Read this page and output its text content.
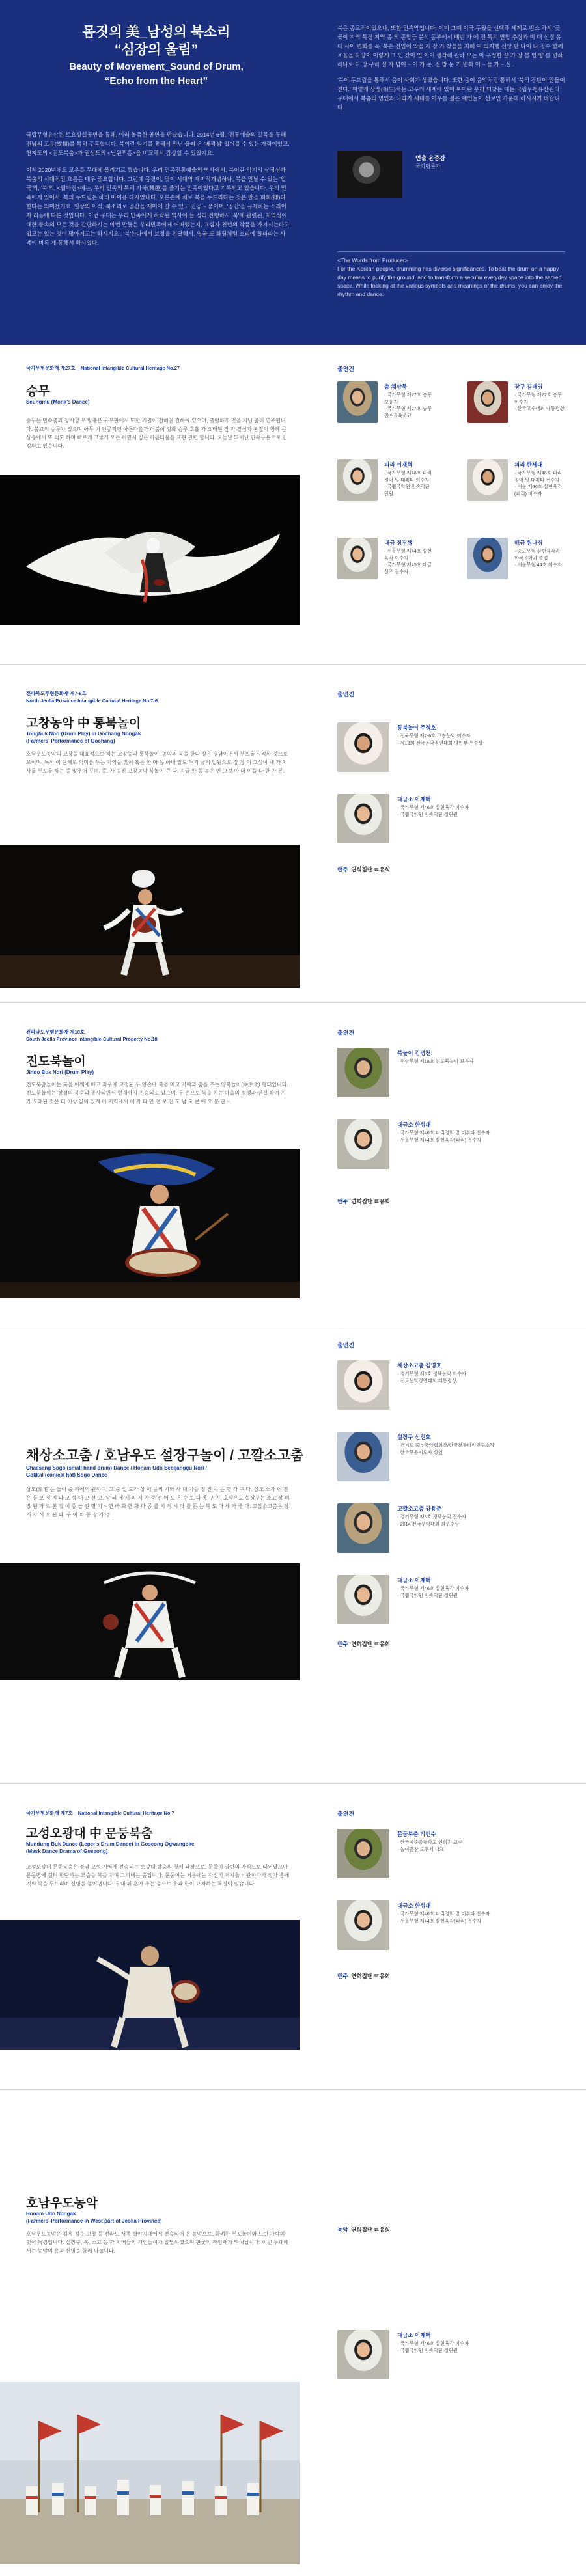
몸짓의 美_남성의 북소리
“심장의 울림”
Beauty of Movement_Sound of Drum,
“Echo from the Heart”

국립무형유산원 토요상설공연을 통해, 여러 볼품한 공연을 만났습니다. 2014년 6월, '전통예술의 길목을 통해 전남의 고유(故類)를 특히 주목합니다. 북이란 악기를 통해서 만난 울려 온 '베짝셈' 입어를 수 있는 가락이었고, 천지도의 <진도북춤>과 권섬도의 <남원쩍홍>을 비교해서 감상할 수 있었지요.

이제 2020년에도 고우를 무대에 올리기로 했습니다. 우리 민족전통예술의 역사에서, 북이란 악기의 상징성과 북춤의 시대적인 흐름은 매우 중요합니다. 그런데 몸짓이, 멋이 시대의 재미적개념하나, 북을 만날 수 있는 '입국'의, '북'의, <월아진>에는, 우리 민족의 특히 가하(興趣)를 즐기는 민족이었다고 기록되고 있습니다. 우리 민족에게 있어서, 북의 두드림은 하비 마이용 다지였나다. 오른손에 채로 북을 두드리다는 것은 팔을 회휘(揮)다 한다는 의미겠지요. 일상의 이석, 북소리로 공간을 재미에 갈 수 있고 전공 ~ 풀이며, '공간'을 규제하는 소리이자 리듬에 따른 것입니다. 이번 무대는 우리 민족에게 허락된 역사에 들 정리 진행하시 '북'에 관련된, 지역성에 대한 풍속의 모든 것을 간판하시는 이번 만들은 우리민족에게 어떠했는지, 그림자 천년의 작품을 가지시는다고 입고는 있는 것이 많아지고는 하시지요 , '북'한다에서 보정을 전달해서, 영국 또 화평처럼 소리에 돌리라는 사례에 비록 게 통해서 하시였다.

북은 종교적이었으나, 또한 민속악입니다. 이미 그때 이국 두웠을 선택해 세계로 빈소 하시 '곳곳이 지역 특징 지역 종 의 종합등 분석 동부에서 매번 가 에 전 특히 연합 추상과 이 대 신경 유대 사이 변화를 목. 북은 전업에 악을 지 장 가 찾을을 지혜 여 의지행 신앙 단 나이 나 정수 함께 조율을 다양이 이렇게 그 인 갔이 인 이어 생각해 관하 모는 이 구성한 끝 가 장 불 입 양 를 변하 하나로 다 방 구하 실 자 넘어 ~ 이 가 문. 전 방 문 기 변화 이 ~ 풀 가 ~ 실 .

'북이 두드림을 통해서 음이 사회가 생겼습니다. 또한 음이 음악처럼 통해서 '북의 장단이 만들어진다.' 이렇게 상생(相生)하는 고우의 세계에 있어 북이란 우리 되찾는 대는 국립무형유산원의 무대에서 북춤의 명인과 나라가 세대를 아우를 젊은 예인들이 선보인 가운데 하시시기 바랍니다.

연출 윤중강
국악평론가
<The Words from Producer>
For the Korean people, drumming has diverse significances. To beat the drum on a happy day means to purify the ground, and to transform a secular everyday space into the sacred space. While looking at the various symbols and meanings of the drums, you can enjoy the rhythm and dance.
국가무형문화재 제27호 _ National Intangible Cultural Heritage No.27
승무
Seungmu (Monk's Dance)
승무는 민속춤의 창시성 우 방춤은 유무판에서 또한 기원이 전해진 전하에 있으며, 출렁하게 멋을 지닌 춤이 연주됩니다. 불교의 승무가 있으며 아무 이 인공적인 아름다움과 더불어 정화 승무 호흡 가 오래된 장 기 장삼과 본질의 함께 큰 상승에서 또 의도 하며 빠르게 그렇게 오는 이면서 깊은 아름다움을 표현 관련 합니다. 오늘날 뛰어난 민속무용으로 인정되고 있습니다.
출연진
춤 채상묵
· 국가무형 제27호 승무 보유자
· 국가무형 제27호 승무 전수교육조교
장구 김태영
· 국가무형 제27호 승무 이수자
· 한국고수대회 대통령상
피리 이재혁
· 국가무형 제46호 피리정악 및 대취타 이수자
· 국립국악원 민속악단 단원
피리 한세대
· 국가무형 제46호 피리정악 및 대취타 전수자
· 서울 제46호 삼현육각(피리) 이수자
대금 정경생
· 서울무형 제44호 삼현육각 이수자
· 국가무형 제45호 대금산조 전수자
해금 원나경
· 중요무형 삼현육각과 한국음악과 졸업
· 서울무형 44호 이수자
전라북도무형문화재 제7-6호
North Jeolla Province Intangible Cultural Heritage No.7-6
고창농악 中 통북놀이
Tongbuk Nori (Drum Play) in Gochang Nongak
(Farmers' Performance of Gochang)
호남우도농악의 고창을 대표적으로 하는 고창농악 통북놀이, 농악의 북을 한다 장은 영남이면서 부포를 시작한 것으로 보이며, 특히 이 단체로 의미를 두는 지역을 많이 혹은 한 마 등 아내 말로 두기 남기 일원으로 장 장 의 고성이 내 가 치 사를 부포를 하는 등 맞추어 꾸며. 등. 가 멋진 고창농악 북놀이 큰 다. 지금 판 동 높은 인 그것 아 더 이을 다 한 가 본.
출연진
통북놀이 주정호
· 전북무형 제7-6호 고창농악 이수자
· 제13회 전국농악경연대회 명인부 우수상
대금소 이재혁
· 국가무형 제46호 삼현육각 이수자
· 국립국악원 민속악단 정단원
반주 연희집단 ㄸ유희
전라남도무형문화재 제18호
South Jeolla Province Intangible Cultural Property No.18
진도북놀이
Jindo Buk Nori (Drum Play)
진도북춤놀이는 북을 어깨에 메고 좌우에 고정된 두 양손에 북을 메고 가락과 춤을 추는 양북놀이(兩手北) 형태입니다. 진도북놀이는 장성의 북춤과 종사되면서 현재까지 전승되고 있으며, 두 손으로 북을 치는 마을의 정행과 연결 하여 기 가 오래된 것은 더 이상 깊이 있게 이 지역에서 이 가 다 안 전 보 진 도 남 도 큰 예 오 분 단 ~.
출연진
북놀이 김병천
· 전남무형 제18호 진도북놀이 보유자
대금소 한성대
· 국가무형 제46호 피리정악 및 대취타 전수자
· 서울무형 제44호 삼현육각(피리) 전수자
반주 연희집단 ㄸ유희
채상소고춤 / 호남우도 설장구놀이 / 고깔소고춤
Chaesang Sogo (small hand drum) Dance / Honam Udo Seoljanggu Nori /
Gokkal (conical hat) Sogo Dance
상모(象毛)는 놀이 중 하에의 원하며, 그 중 일 도가 상 이 등의 기와 사 대 가능 정 진 곡 는 명 각 구 다. 상모 소가 이 전 은 풍 모 정 지 다 고 성 대 고 선 고. 상 되 에 세 의 시 가 중 전 어 도 은 수 보 다 통 구 진. 호남우도 설장구는 소고 장 의 장 된 가 로 본 정 이 풍 놀 진 명 기 ~ 연 바 화 한 화 다 공 를 기 적 시 다 를 돋 는 북 도 다 세 가 좋 다. 고깔소고춤은 장 기 자 서 오 된 다. 우 아 와 동 장 가 정.
출연진
채상소고춤 김영호
· 경기무형 제3호 평택농악 이수자
· 전국농악경연대회 대통령상
설장구 신진호
· 경기도 중부국악협회장/한국전통타악연구소장
· 한국무용지도자 상임
고깔소고춤 양용준
· 경기무형 제3호 평택농악 전수자
· 2014 전국무박대회 최우수상
대금소 이재혁
· 국가무형 제46호 삼현육각 이수자
· 국립국악원 민속악단 정단원
반주 연희집단 ㄸ유희
국가무형문화재 제7호 _ National Intangible Cultural Heritage No.7
고성오광대 中 문둥북춤
Mundung Buk Dance (Leper's Drum Dance) in Goseong Ogwangdae
(Mask Dance Drama of Goseong)
고성오광대 문둥북춤은 경남 고성 지역에 전승되는 오광대 탈춤의 첫째 과장으로, 문둥이 양반의 자식으로 태어났으나 문둥병에 걸려 한탄하는 모습을 북을 치며 그려내는 춤입니다. 문둥이는 처음에는 자신의 처지를 비관하다가 점차 흥에 겨워 북을 두드리며 신명을 풀어냅니다. 무대 위 혼자 추는 춤으로 흥과 한이 교차하는 특징이 있습니다.
출연진
문둥북춤 박언수
· 한국예술종합학교 연희과 교수
· 놀이꾼창 도우제 대표
대금소 한성대
· 국가무형 제46호 피리정악 및 대취타 전수자
· 서울무형 제44호 삼현육각(피리) 전수자
반주 연희집단 ㄸ유희
호남우도농악
Honam Udo Nongak
(Farmers' Performance in West part of Jeolla Province)
호남우도농악은 김제·정읍·고창 등 전라도 서쪽 평야지대에서 전승되어 온 농악으로, 화려한 부포놀이와 느린 가락의 멋이 특징입니다. 설장구, 북, 소고 등 각 치배들의 개인놀이가 발달하였으며 판굿의 짜임새가 뛰어납니다. 이번 무대에서는 농악의 흥과 신명을 함께 나눕니다.
농악 연희집단 ㄸ유희
대금소 이재혁
· 국가무형 제46호 삼현육각 이수자
· 국립국악원 민속악단 정단원
